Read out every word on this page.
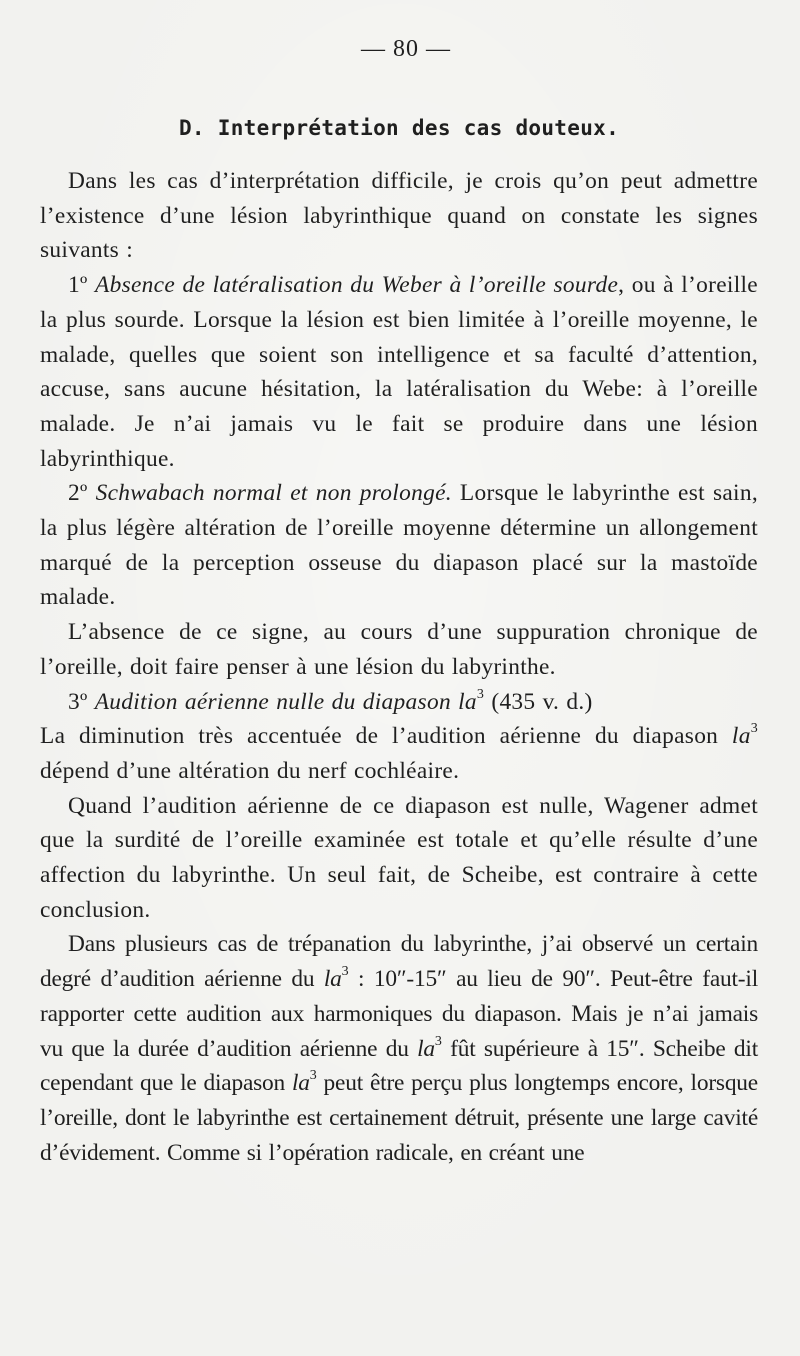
— 80 —
D. Interprétation des cas douteux.

Dans les cas d’interprétation difficile, je crois qu’on peut admettre l’existence d’une lésion labyrinthique quand on constate les signes suivants :

1º Absence de latéralisation du Weber à l’oreille sourde, ou à l’oreille la plus sourde. Lorsque la lésion est bien limitée à l’oreille moyenne, le malade, quelles que soient son intelligence et sa faculté d’attention, accuse, sans aucune hésitation, la latéralisation du Webe: à l’oreille malade. Je n’ai jamais vu le fait se produire dans une lésion labyrinthique.

2º Schwabach normal et non prolongé. Lorsque le labyrinthe est sain, la plus légère altération de l’oreille moyenne détermine un allongement marqué de la perception osseuse du diapason placé sur la mastoïde malade.

L’absence de ce signe, au cours d’une suppuration chronique de l’oreille, doit faire penser à une lésion du labyrinthe.

3º Audition aérienne nulle du diapason $la^3$ (435 v. d.)

La diminution très accentuée de l’audition aérienne du diapason $la^3$ dépend d’une altération du nerf cochléaire.

Quand l’audition aérienne de ce diapason est nulle, Wagener admet que la surdité de l’oreille examinée est totale et qu’elle résulte d’une affection du labyrinthe. Un seul fait, de Scheibe, est contraire à cette conclusion.

Dans plusieurs cas de trépanation du labyrinthe, j’ai observé un certain degré d’audition aérienne du $la^3$ : 10″-15″ au lieu de 90″. Peut-être faut-il rapporter cette audition aux harmoniques du diapason. Mais je n’ai jamais vu que la durée d’audition aérienne du $la^3$ fût supérieure à 15″. Scheibe dit cependant que le diapason $la^3$ peut être perçu plus longtemps encore, lorsque l’oreille, dont le labyrinthe est certainement détruit, présente une large cavité d’évidement. Comme si l’opération radicale, en créant une
